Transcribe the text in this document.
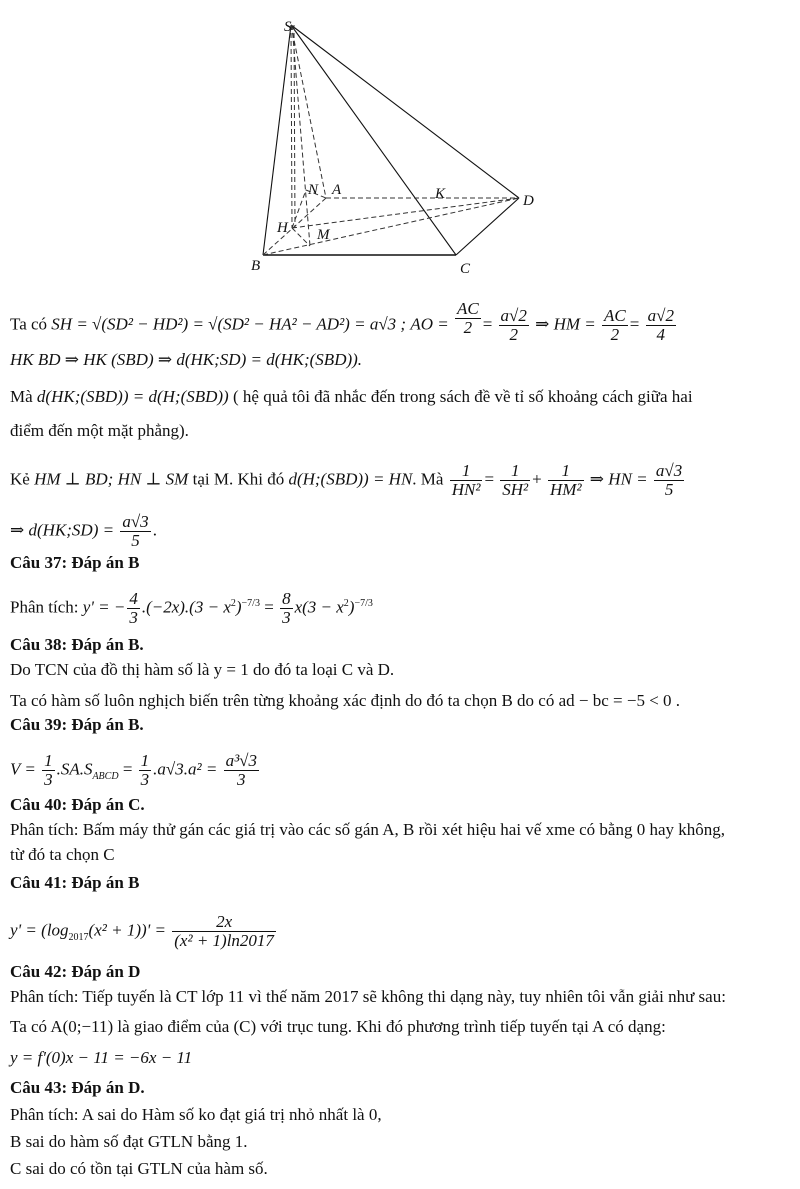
S
A
N	K	D
H M
B	C
Ta có SH = √(SD² − HD²) = √(SD² − HA² − AD²) = a√3 ; AO = $\frac{AC}{2} = \frac{a√2}{2}$ ⇒ HM = $\frac{AC}{2} = \frac{a√2}{4}$
HK BD ⇒ HK (SBD) ⇒ d(HK;SD) = d(HK;(SBD)).
Mà d(HK;(SBD)) = d(H;(SBD)) ( hệ quả tôi đã nhắc đến trong sách đề về tỉ số khoảng cách giữa hai
điểm đến một mặt phẳng).
Kẻ HM ⊥ BD; HN ⊥ SM tại M. Khi đó d(H;(SBD)) = HN. Mà $\frac{1}{\text{HN²}} = \frac{1}{\text{SH²}} + \frac{1}{\text{HM²}}$ ⇒ HN = $\frac{a√3}{5}$
⇒ d(HK;SD) = $\frac{a√3}{5}$ .
Câu 37: Đáp án B
Phân tích: y' = − $\frac{4}{3} .(-2x).(3 - x^2)^{-7/3} = \frac{8}{3} x(3 - x^2)^{-7/3}$
Câu 38: Đáp án B.
Do TCN của đồ thị hàm số là y = 1 do đó ta loại C và D.
Ta có hàm số luôn nghịch biến trên từng khoảng xác định do đó ta chọn B do có ad − bc = −5 < 0 .
Câu 39: Đáp án B.
$V = \frac{1}{3} .SA.S_{ABCD} = \frac{1}{3} .a√3.a^2 = \frac{\text{a³√3}}{3}$
Câu 40: Đáp án C.
Phân tích: Bấm máy thử gán các giá trị vào các số gán A, B rồi xét hiệu hai vế xme có bằng 0 hay không,
từ đó ta chọn C
Câu 41: Đáp án B
$y' = (\log_{2017}(x^2 + 1))' = \frac{2x}{\text{(x² + 1)ln2017}}$
Câu 42: Đáp án D
Phân tích: Tiếp tuyến là CT lớp 11 vì thế năm 2017 sẽ không thi dạng này, tuy nhiên tôi vẫn giải như sau:
Ta có A(0;−11) là giao điểm của (C) với trục tung. Khi đó phương trình tiếp tuyến tại A có dạng:
y = f'(0)x − 11 = −6x − 11
Câu 43: Đáp án D.
Phân tích: A sai do Hàm số ko đạt giá trị nhỏ nhất là 0,
B sai do hàm số đạt GTLN bằng 1.
C sai do có tồn tại GTLN của hàm số.
